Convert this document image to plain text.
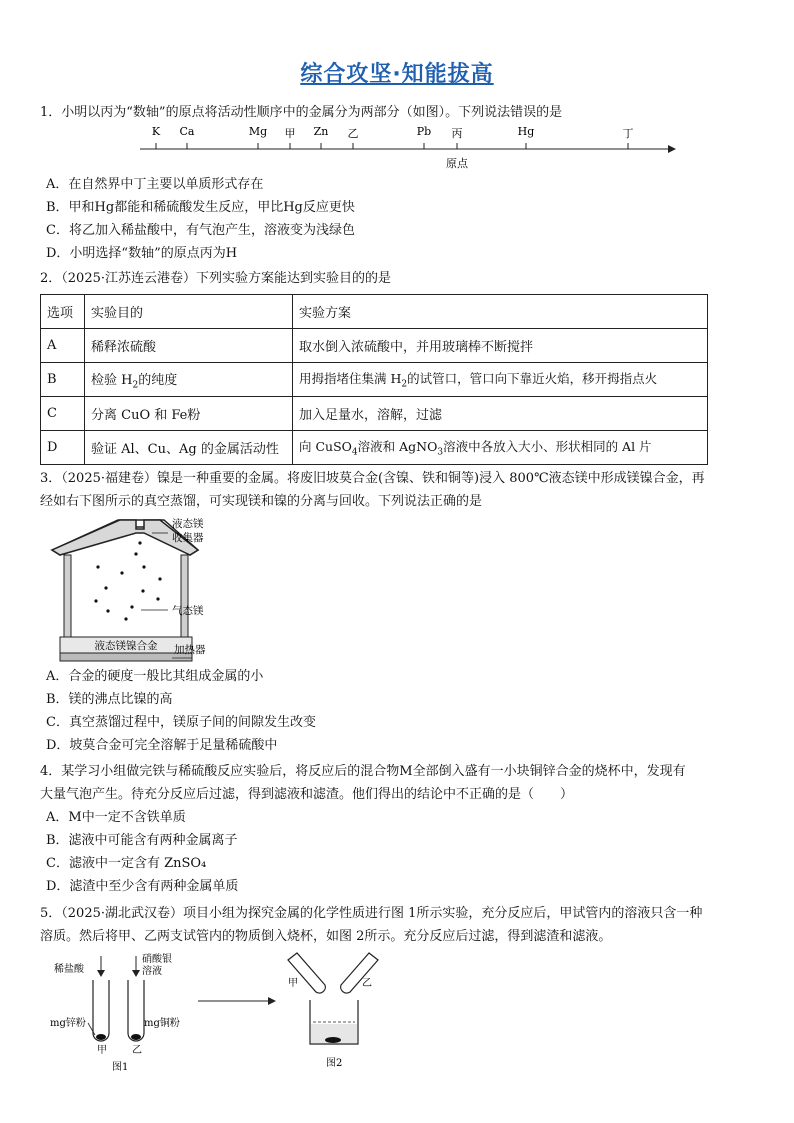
综合攻坚·知能拔高
1．小明以丙为“数轴”的原点将活动性顺序中的金属分为两部分（如图）。下列说法错误的是
K Ca	Mg 甲 Zn 乙	Pb 丙	Hg	丁
原点
A．在自然界中丁主要以单质形式存在
B．甲和Hg都能和稀硫酸发生反应，甲比Hg反应更快
C．将乙加入稀盐酸中，有气泡产生，溶液变为浅绿色
D．小明选择“数轴”的原点丙为H
2．（2025·江苏连云港卷）下列实验方案能达到实验目的的是
选项	实验目的	实验方案
A	稀释浓硫酸	取水倒入浓硫酸中，并用玻璃棒不断搅拌
B	检验 $H_2$的纯度	用拇指堵住集满 $H_2$的试管口，管口向下靠近火焰，移开拇指点火
C	分离 CuO 和 Fe粉	加入足量水，溶解，过滤
D	验证 Al、Cu、Ag 的金属活动性	向 CuSO$_4$溶液和 AgNO$_3$溶液中各放入大小、形状相同的 Al 片
3．（2025·福建卷）镍是一种重要的金属。将废旧坡莫合金(含镍、铁和铜等)浸入 800℃液态镁中形成镁镍合金，再
经如右下图所示的真空蒸馏，可实现镁和镍的分离与回收。下列说法正确的是
液态镁镍合金
液态镁
收集器
气态镁
加热器
A．合金的硬度一般比其组成金属的小
B．镁的沸点比镍的高
C．真空蒸馏过程中，镁原子间的间隙发生改变
D．坡莫合金可完全溶解于足量稀硫酸中
4．某学习小组做完铁与稀硫酸反应实验后，将反应后的混合物M全部倒入盛有一小块铜锌合金的烧杯中，发现有
大量气泡产生。待充分反应后过滤，得到滤液和滤渣。他们得出的结论中不正确的是（　　）
A．M中一定不含铁单质
B．滤液中可能含有两种金属离子
C．滤液中一定含有 ZnSO₄
D．滤渣中至少含有两种金属单质
5．（2025·湖北武汉卷）项目小组为探究金属的化学性质进行图 1所示实验，充分反应后，甲试管内的溶液只含一种
溶质。然后将甲、乙两支试管内的物质倒入烧杯，如图 2所示。充分反应后过滤，得到滤渣和滤液。
稀盐酸
硝酸银
溶液
mg锌粉	mg铜粉
甲	乙
图1
甲	乙
图2
